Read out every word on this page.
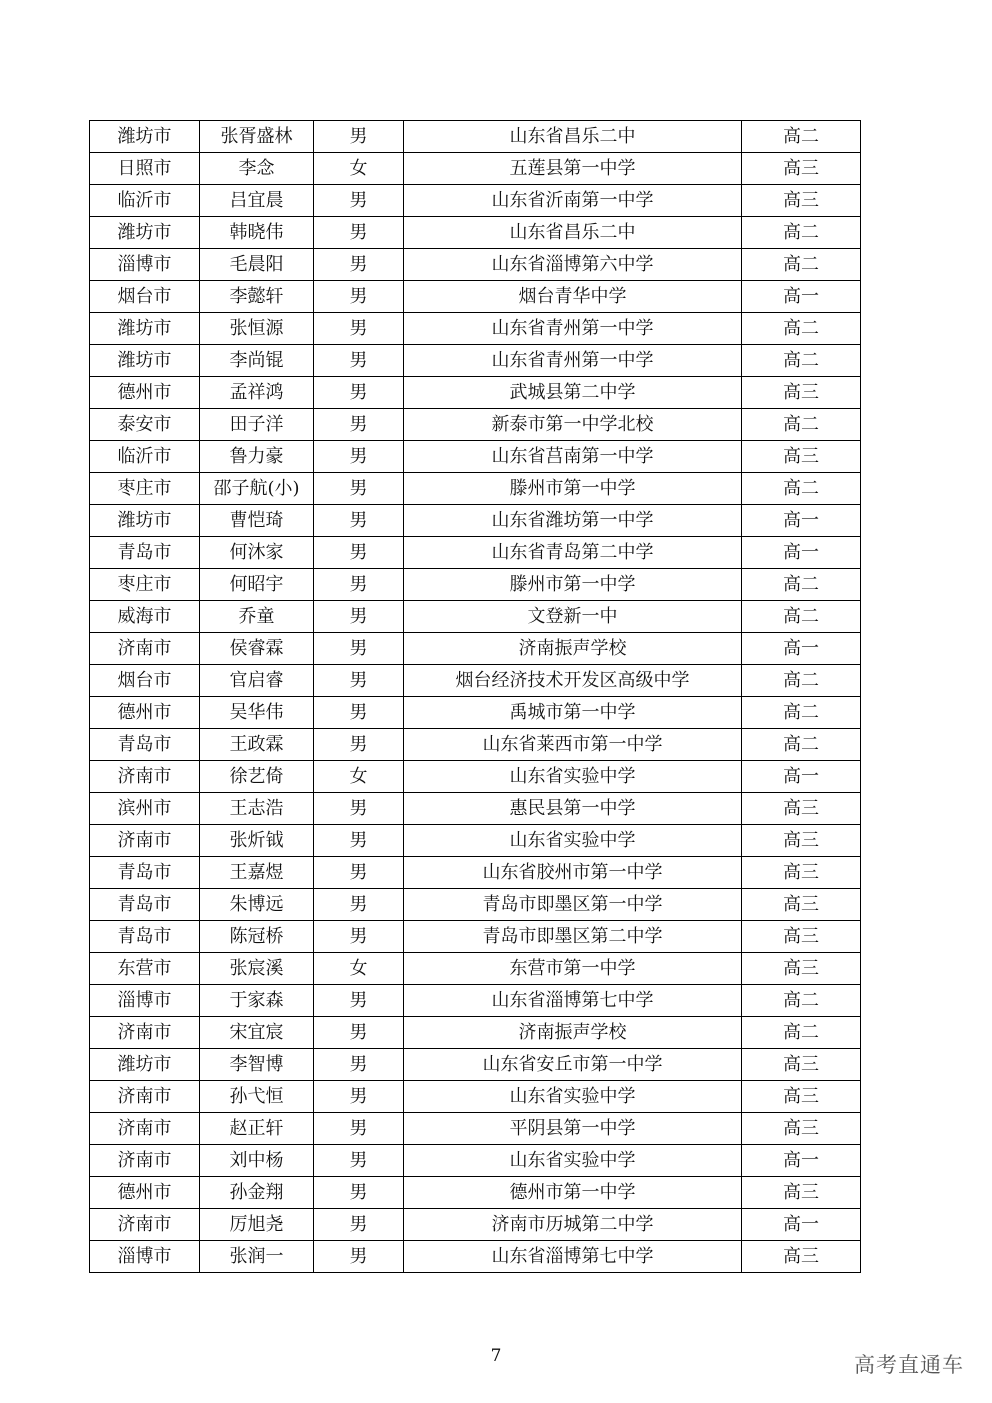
潍坊市	张胥盛林	男	山东省昌乐二中	高二
日照市	李念	女	五莲县第一中学	高三
临沂市	吕宜晨	男	山东省沂南第一中学	高三
潍坊市	韩晓伟	男	山东省昌乐二中	高二
淄博市	毛晨阳	男	山东省淄博第六中学	高二
烟台市	李懿轩	男	烟台青华中学	高一
潍坊市	张恒源	男	山东省青州第一中学	高二
潍坊市	李尚锟	男	山东省青州第一中学	高二
德州市	孟祥鸿	男	武城县第二中学	高三
泰安市	田子洋	男	新泰市第一中学北校	高二
临沂市	鲁力豪	男	山东省莒南第一中学	高三
枣庄市	邵子航(小)	男	滕州市第一中学	高二
潍坊市	曹恺琦	男	山东省潍坊第一中学	高一
青岛市	何沐家	男	山东省青岛第二中学	高一
枣庄市	何昭宇	男	滕州市第一中学	高二
威海市	乔童	男	文登新一中	高二
济南市	侯睿霖	男	济南振声学校	高一
烟台市	官启睿	男	烟台经济技术开发区高级中学	高二
德州市	吴华伟	男	禹城市第一中学	高二
青岛市	王政霖	男	山东省莱西市第一中学	高二
济南市	徐艺倚	女	山东省实验中学	高一
滨州市	王志浩	男	惠民县第一中学	高三
济南市	张炘钺	男	山东省实验中学	高三
青岛市	王嘉煜	男	山东省胶州市第一中学	高三
青岛市	朱博远	男	青岛市即墨区第一中学	高三
青岛市	陈冠桥	男	青岛市即墨区第二中学	高三
东营市	张宸溪	女	东营市第一中学	高三
淄博市	于家森	男	山东省淄博第七中学	高二
济南市	宋宜宸	男	济南振声学校	高二
潍坊市	李智博	男	山东省安丘市第一中学	高三
济南市	孙弋恒	男	山东省实验中学	高三
济南市	赵正轩	男	平阴县第一中学	高三
济南市	刘中杨	男	山东省实验中学	高一
德州市	孙金翔	男	德州市第一中学	高三
济南市	厉旭尧	男	济南市历城第二中学	高一
淄博市	张润一	男	山东省淄博第七中学	高三
7	高考直通车
